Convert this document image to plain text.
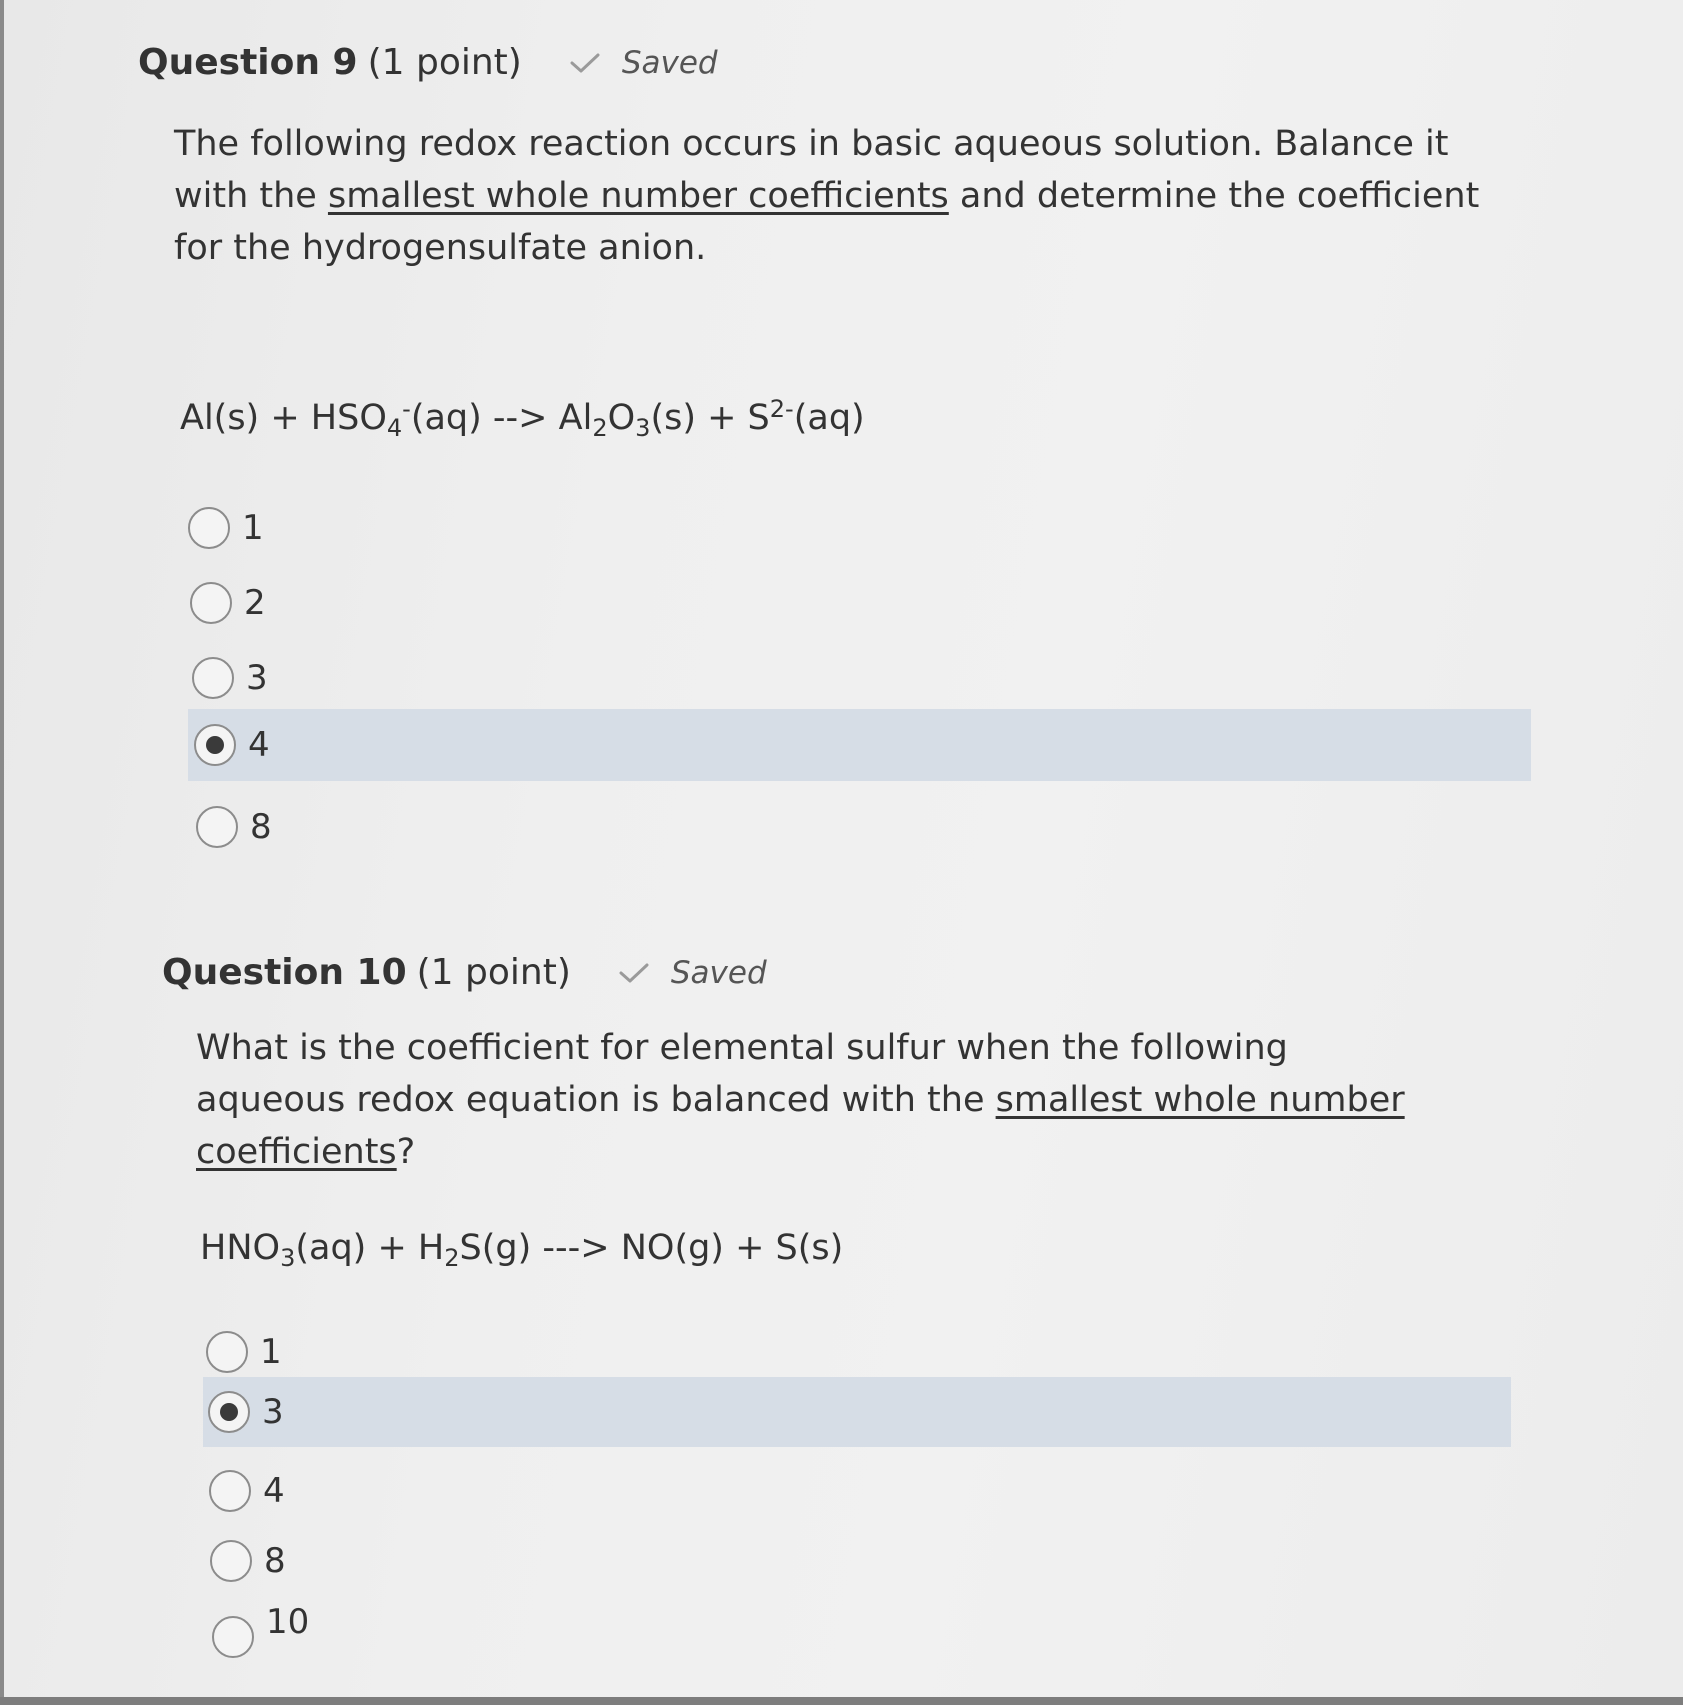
Question 9 (1 point)	Saved
The following redox reaction occurs in basic aqueous solution. Balance it with the smallest whole number coefficients and determine the coefficient for the hydrogensulfate anion.
$Al(s) + HSO_4^-(aq)$ --> $Al_2O_3(s) + S^{2-}(aq)$
1
2
3
4
8
Question 10 (1 point)	Saved
What is the coefficient for elemental sulfur when the following aqueous redox equation is balanced with the smallest whole number coefficients?
$HNO_3(aq) + H_2S(g)$ ---> NO(g) + S(s)
1
3
4
8
10
